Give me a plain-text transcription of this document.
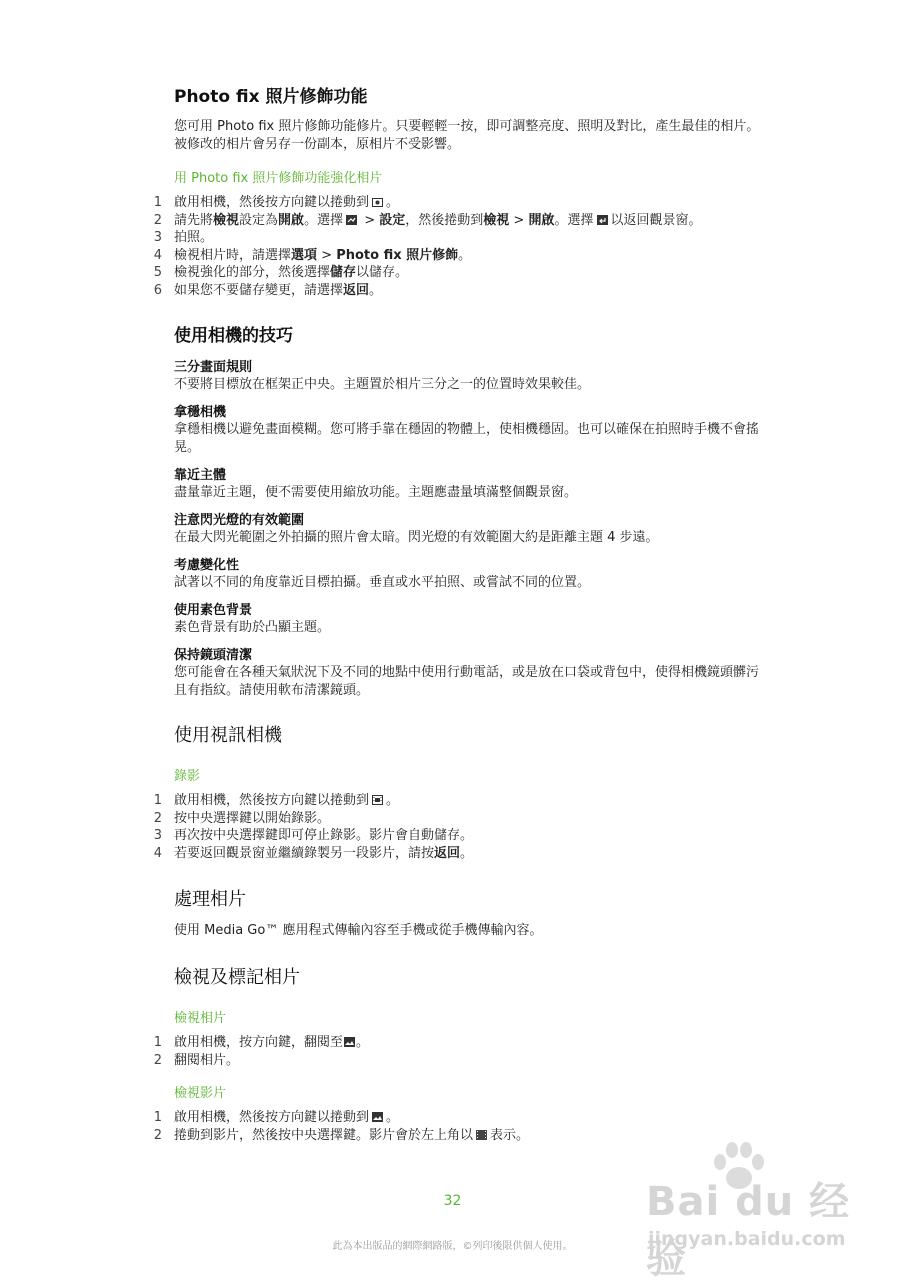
Photo fix 照片修飾功能

您可用 Photo fix 照片修飾功能修片。只要輕輕一按，即可調整亮度、照明及對比，產生最佳的相片。被修改的相片會另存一份副本，原相片不受影響。

用 Photo fix 照片修飾功能強化相片
1 啟用相機，然後按方向鍵以捲動到 。
2 請先將檢視設定為開啟。選擇 > 設定，然後捲動到檢視 > 開啟。選擇 以返回觀景窗。
3 拍照。
4 檢視相片時，請選擇選項 > Photo fix 照片修飾。
5 檢視強化的部分，然後選擇儲存以儲存。
6 如果您不要儲存變更，請選擇返回。
使用相機的技巧
三分畫面規則
不要將目標放在框架正中央。主題置於相片三分之一的位置時效果較佳。
拿穩相機
拿穩相機以避免畫面模糊。您可將手靠在穩固的物體上，使相機穩固。也可以確保在拍照時手機不會搖晃。
靠近主體
盡量靠近主題，便不需要使用縮放功能。主題應盡量填滿整個觀景窗。
注意閃光燈的有效範圍
在最大閃光範圍之外拍攝的照片會太暗。閃光燈的有效範圍大約是距離主題 4 步遠。
考慮變化性
試著以不同的角度靠近目標拍攝。垂直或水平拍照、或嘗試不同的位置。
使用素色背景
素色背景有助於凸顯主題。
保持鏡頭清潔
您可能會在各種天氣狀況下及不同的地點中使用行動電話，或是放在口袋或背包中，使得相機鏡頭髒污且有指紋。請使用軟布清潔鏡頭。
使用視訊相機
錄影
1 啟用相機，然後按方向鍵以捲動到 。
2 按中央選擇鍵以開始錄影。
3 再次按中央選擇鍵即可停止錄影。影片會自動儲存。
4 若要返回觀景窗並繼續錄製另一段影片，請按返回。
處理相片

使用 Media Go™ 應用程式傳輸內容至手機或從手機傳輸內容。

檢視及標記相片
檢視相片
1 啟用相機，按方向鍵，翻閱至 。
2 翻閱相片。
檢視影片
1 啟用相機，然後按方向鍵以捲動到 。
2 捲動到影片，然後按中央選擇鍵。影片會於左上角以 表示。
32
此為本出版品的網際網路版，©列印後限供個人使用。
Bai du 经验
jingyan.baidu.com
